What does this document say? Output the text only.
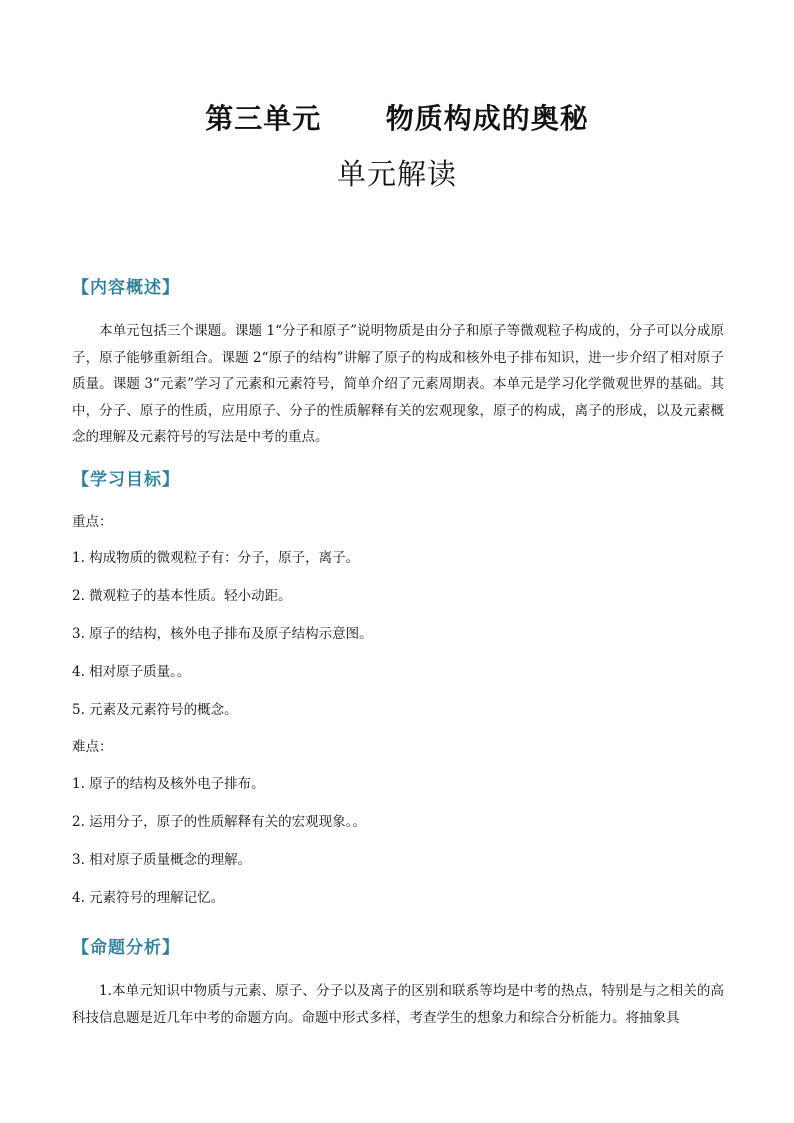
第三单元      物质构成的奥秘
单元解读
【内容概述】
本单元包括三个课题。课题 1“分子和原子”说明物质是由分子和原子等微观粒子构成的，分子可以分成原子，原子能够重新组合。课题 2“原子的结构”讲解了原子的构成和核外电子排布知识，进一步介绍了相对原子质量。课题 3“元素”学习了元素和元素符号，简单介绍了元素周期表。本单元是学习化学微观世界的基础。其中，分子、原子的性质，应用原子、分子的性质解释有关的宏观现象，原子的构成，离子的形成，以及元素概念的理解及元素符号的写法是中考的重点。
【学习目标】
重点：
1. 构成物质的微观粒子有：分子，原子，离子。
2. 微观粒子的基本性质。轻小动距。
3. 原子的结构，核外电子排布及原子结构示意图。
4. 相对原子质量。。
5. 元素及元素符号的概念。
难点：
1. 原子的结构及核外电子排布。
2. 运用分子，原子的性质解释有关的宏观现象。。
3. 相对原子质量概念的理解。
4. 元素符号的理解记忆。
【命题分析】
1.本单元知识中物质与元素、原子、分子以及离子的区别和联系等均是中考的热点，特别是与之相关的高科技信息题是近几年中考的命题方向。命题中形式多样，考查学生的想象力和综合分析能力。将抽象具
